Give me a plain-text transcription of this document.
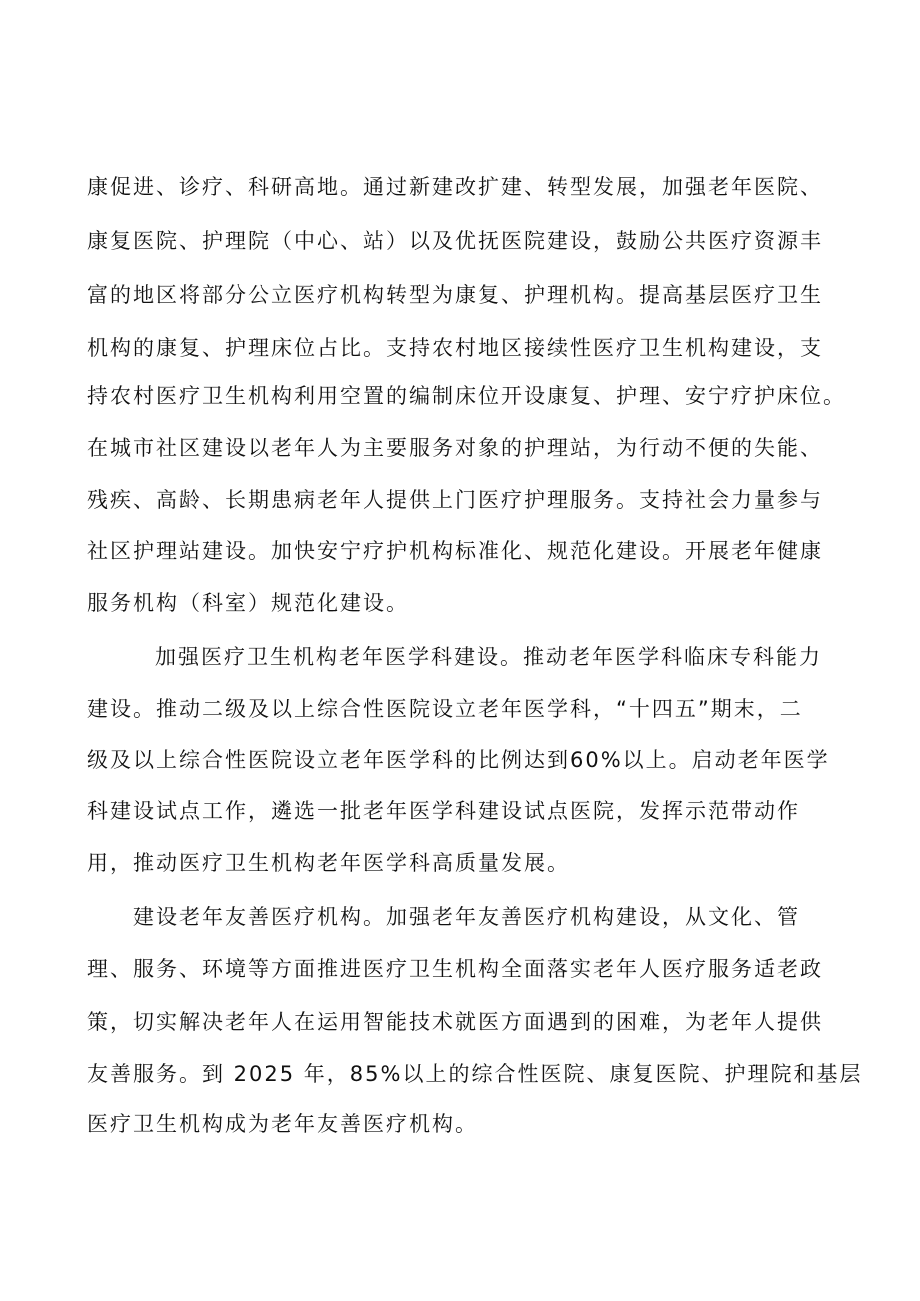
康促进、诊疗、科研高地。通过新建改扩建、转型发展，加强老年医院、
康复医院、护理院（中心、站）以及优抚医院建设，鼓励公共医疗资源丰
富的地区将部分公立医疗机构转型为康复、护理机构。提高基层医疗卫生
机构的康复、护理床位占比。支持农村地区接续性医疗卫生机构建设，支
持农村医疗卫生机构利用空置的编制床位开设康复、护理、安宁疗护床位。
在城市社区建设以老年人为主要服务对象的护理站，为行动不便的失能、
残疾、高龄、长期患病老年人提供上门医疗护理服务。支持社会力量参与
社区护理站建设。加快安宁疗护机构标准化、规范化建设。开展老年健康
服务机构（科室）规范化建设。
加强医疗卫生机构老年医学科建设。推动老年医学科临床专科能力
建设。推动二级及以上综合性医院设立老年医学科，“十四五”期末，二
级及以上综合性医院设立老年医学科的比例达到60%以上。启动老年医学
科建设试点工作，遴选一批老年医学科建设试点医院，发挥示范带动作
用，推动医疗卫生机构老年医学科高质量发展。
建设老年友善医疗机构。加强老年友善医疗机构建设，从文化、管
理、服务、环境等方面推进医疗卫生机构全面落实老年人医疗服务适老政
策，切实解决老年人在运用智能技术就医方面遇到的困难，为老年人提供
友善服务。到 2025 年，85%以上的综合性医院、康复医院、护理院和基层
医疗卫生机构成为老年友善医疗机构。
